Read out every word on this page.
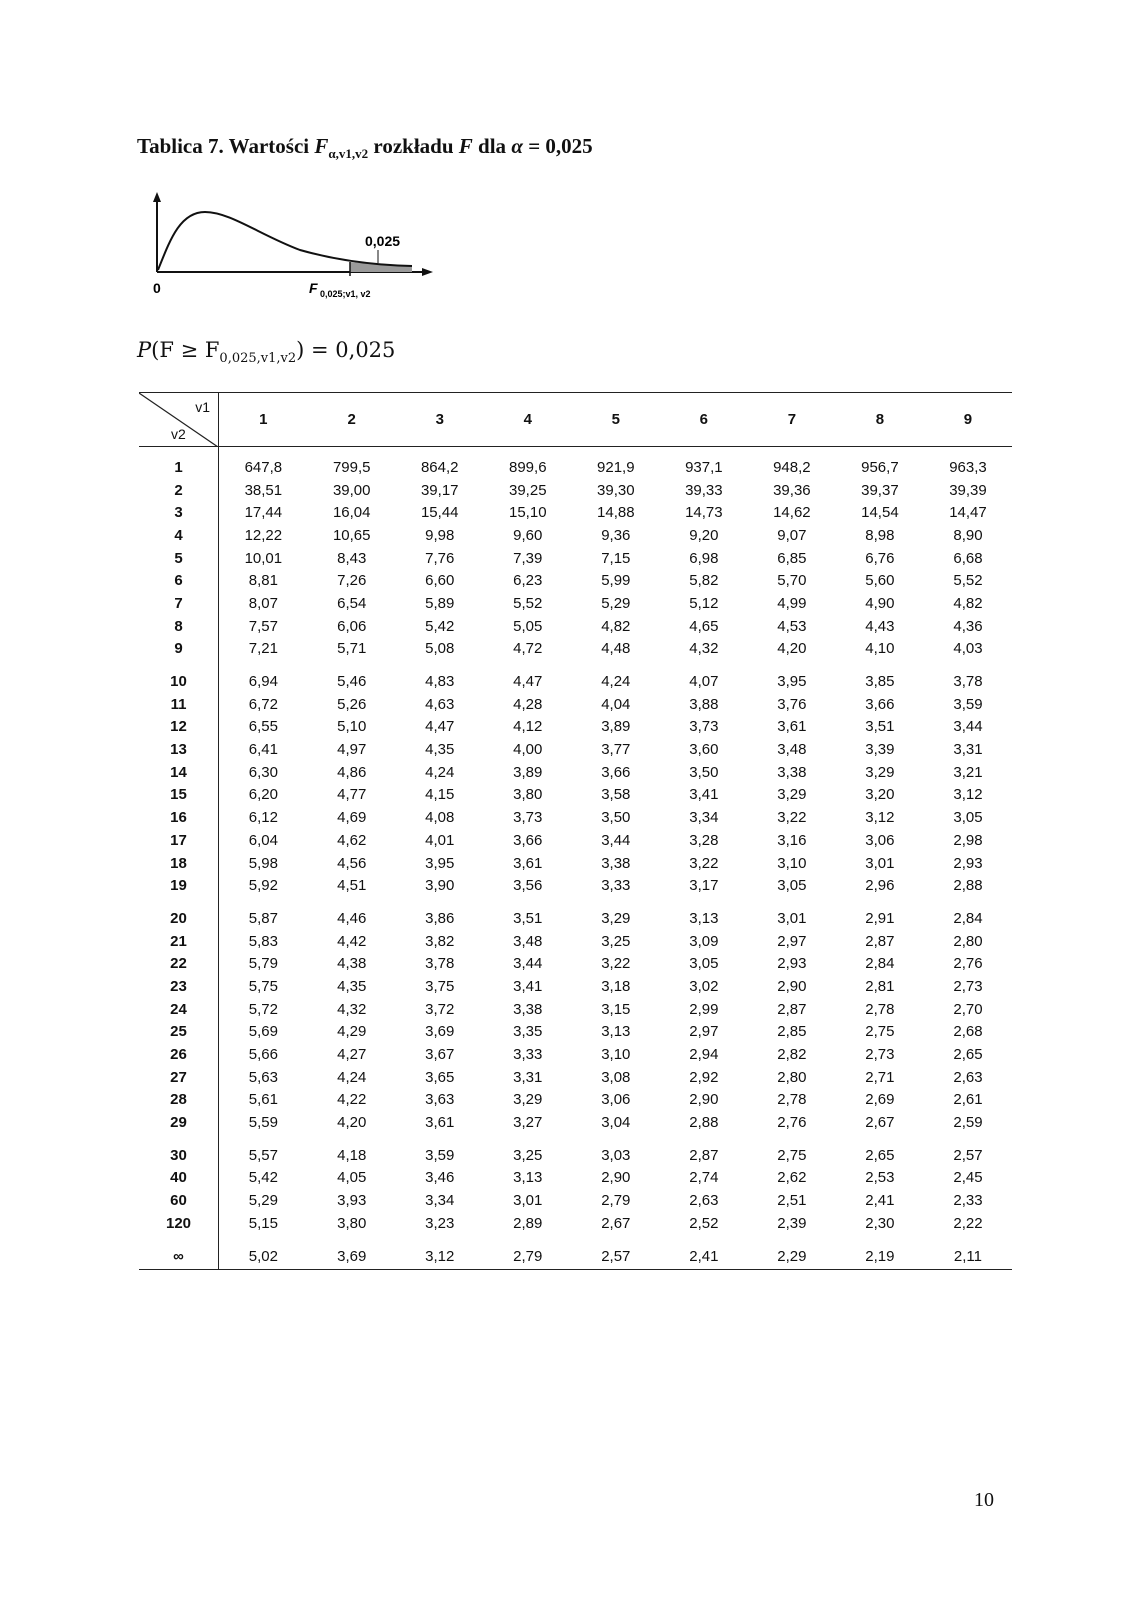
Tablica 7. Wartości $F_{\alpha,v1,v2}$ rozkładu F dla α = 0,025
0,025
0	F 0,025;v1, v2
$P(F \ge F_{0,025,v1,v2}) = 0,025$
v1
v2	1	2	3	4	5	6	7	8	9
1	647,8	799,5	864,2	899,6	921,9	937,1	948,2	956,7	963,3
2	38,51	39,00	39,17	39,25	39,30	39,33	39,36	39,37	39,39
3	17,44	16,04	15,44	15,10	14,88	14,73	14,62	14,54	14,47
4	12,22	10,65	9,98	9,60	9,36	9,20	9,07	8,98	8,90
5	10,01	8,43	7,76	7,39	7,15	6,98	6,85	6,76	6,68
6	8,81	7,26	6,60	6,23	5,99	5,82	5,70	5,60	5,52
7	8,07	6,54	5,89	5,52	5,29	5,12	4,99	4,90	4,82
8	7,57	6,06	5,42	5,05	4,82	4,65	4,53	4,43	4,36
9	7,21	5,71	5,08	4,72	4,48	4,32	4,20	4,10	4,03
10	6,94	5,46	4,83	4,47	4,24	4,07	3,95	3,85	3,78
11	6,72	5,26	4,63	4,28	4,04	3,88	3,76	3,66	3,59
12	6,55	5,10	4,47	4,12	3,89	3,73	3,61	3,51	3,44
13	6,41	4,97	4,35	4,00	3,77	3,60	3,48	3,39	3,31
14	6,30	4,86	4,24	3,89	3,66	3,50	3,38	3,29	3,21
15	6,20	4,77	4,15	3,80	3,58	3,41	3,29	3,20	3,12
16	6,12	4,69	4,08	3,73	3,50	3,34	3,22	3,12	3,05
17	6,04	4,62	4,01	3,66	3,44	3,28	3,16	3,06	2,98
18	5,98	4,56	3,95	3,61	3,38	3,22	3,10	3,01	2,93
19	5,92	4,51	3,90	3,56	3,33	3,17	3,05	2,96	2,88
20	5,87	4,46	3,86	3,51	3,29	3,13	3,01	2,91	2,84
21	5,83	4,42	3,82	3,48	3,25	3,09	2,97	2,87	2,80
22	5,79	4,38	3,78	3,44	3,22	3,05	2,93	2,84	2,76
23	5,75	4,35	3,75	3,41	3,18	3,02	2,90	2,81	2,73
24	5,72	4,32	3,72	3,38	3,15	2,99	2,87	2,78	2,70
25	5,69	4,29	3,69	3,35	3,13	2,97	2,85	2,75	2,68
26	5,66	4,27	3,67	3,33	3,10	2,94	2,82	2,73	2,65
27	5,63	4,24	3,65	3,31	3,08	2,92	2,80	2,71	2,63
28	5,61	4,22	3,63	3,29	3,06	2,90	2,78	2,69	2,61
29	5,59	4,20	3,61	3,27	3,04	2,88	2,76	2,67	2,59
30	5,57	4,18	3,59	3,25	3,03	2,87	2,75	2,65	2,57
40	5,42	4,05	3,46	3,13	2,90	2,74	2,62	2,53	2,45
60	5,29	3,93	3,34	3,01	2,79	2,63	2,51	2,41	2,33
120	5,15	3,80	3,23	2,89	2,67	2,52	2,39	2,30	2,22
∞	5,02	3,69	3,12	2,79	2,57	2,41	2,29	2,19	2,11
10
